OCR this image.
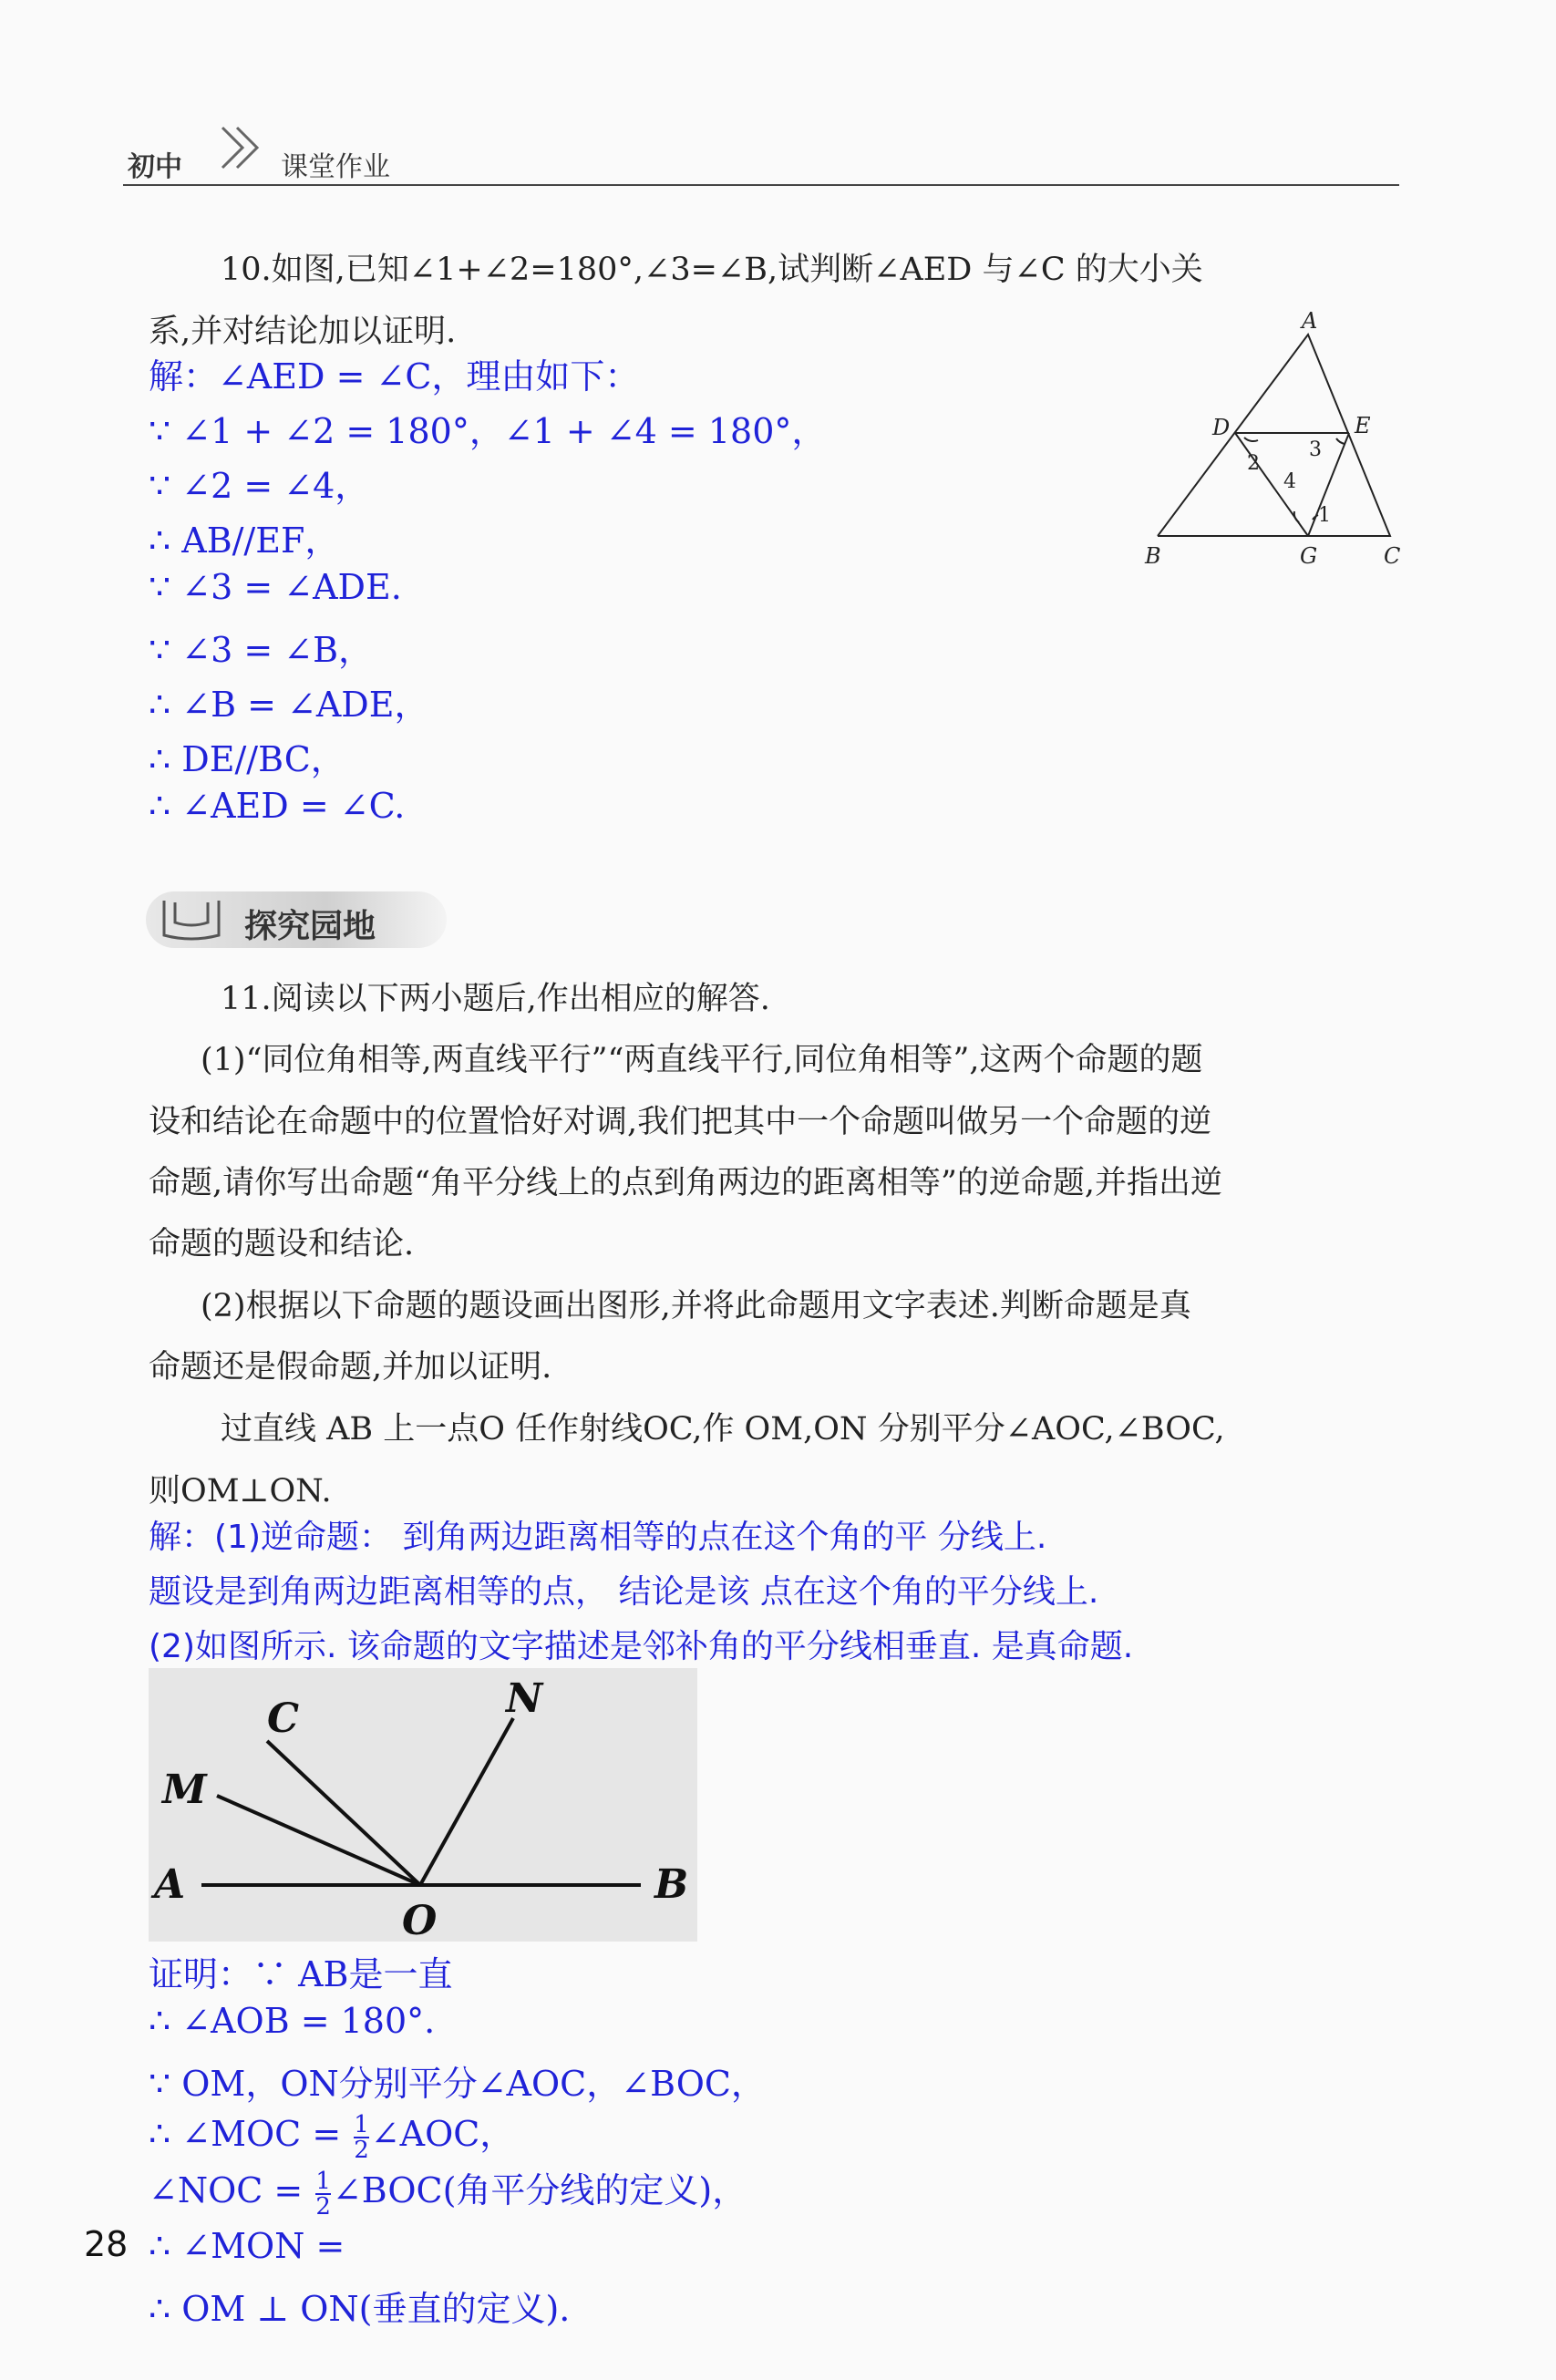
初中	课堂作业
10.如图,已知∠1+∠2=180°,∠3=∠B,试判断∠AED 与∠C 的大小关
系,并对结论加以证明.
解：∠AED = ∠C，理由如下：
∵ ∠1 + ∠2 = 180°，∠1 + ∠4 = 180°，
∵ ∠2 = ∠4，
∴ AB//EF，
∵ ∠3 = ∠ADE.
∵ ∠3 = ∠B，
∴ ∠B = ∠ADE，
∴ DE//BC，
∴ ∠AED = ∠C.
A
D	E
B	G	C
1
2
3
4
探究园地
11.阅读以下两小题后,作出相应的解答.
(1)“同位角相等,两直线平行”“两直线平行,同位角相等”,这两个命题的题
设和结论在命题中的位置恰好对调,我们把其中一个命题叫做另一个命题的逆
命题,请你写出命题“角平分线上的点到角两边的距离相等”的逆命题,并指出逆
命题的题设和结论.
(2)根据以下命题的题设画出图形,并将此命题用文字表述.判断命题是真
命题还是假命题,并加以证明.
过直线 AB 上一点O 任作射线OC,作 OM,ON 分别平分∠AOC,∠BOC,
则OM⊥ON.
解：(1)逆命题： 到角两边距离相等的点在这个角的平 分线上.
题设是到角两边距离相等的点， 结论是该 点在这个角的平分线上.
(2)如图所示. 该命题的文字描述是邻补角的平分线相垂直. 是真命题.
C	N
M
A
O
B
证明：∵ AB是一直
∴ ∠AOB = 180°.
∵ OM，ON分别平分∠AOC，∠BOC，
∴ ∠MOC = $\frac{1}{2}$ ∠AOC，
∠NOC = $\frac{1}{2}$ ∠BOC(角平分线的定义)，
∴ ∠MON =
∴ OM ⊥ ON(垂直的定义).
28
